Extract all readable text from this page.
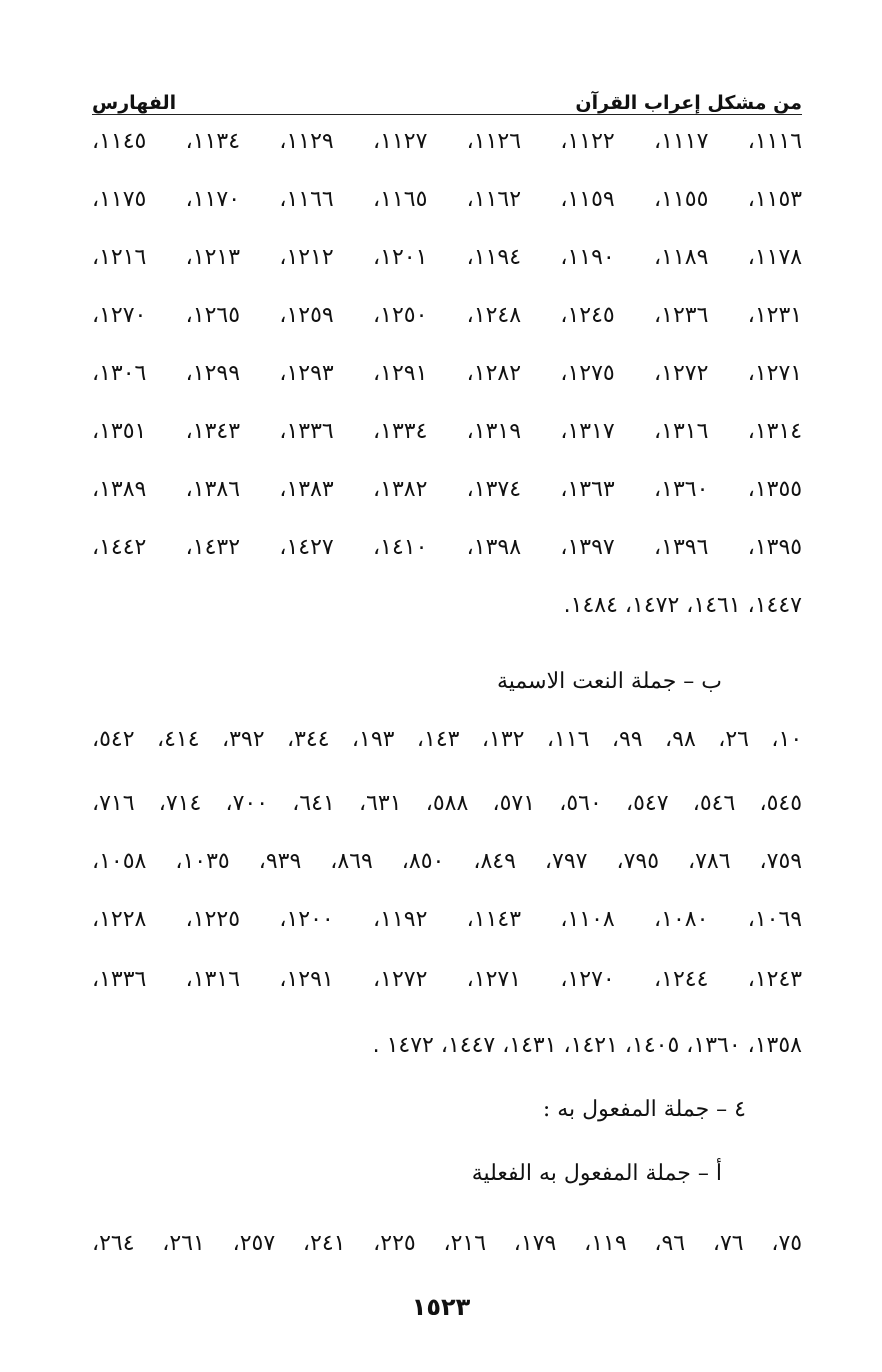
من مشكل إعراب القرآن
الفهارس
١١١٦، ١١١٧، ١١٢٢، ١١٢٦، ١١٢٧، ١١٢٩، ١١٣٤، ١١٤٥،
١١٥٣، ١١٥٥، ١١٥٩، ١١٦٢، ١١٦٥، ١١٦٦، ١١٧٠، ١١٧٥،
١١٧٨، ١١٨٩، ١١٩٠، ١١٩٤، ١٢٠١، ١٢١٢، ١٢١٣، ١٢١٦،
١٢٣١، ١٢٣٦، ١٢٤٥، ١٢٤٨، ١٢٥٠، ١٢٥٩، ١٢٦٥، ١٢٧٠،
١٢٧١، ١٢٧٢، ١٢٧٥، ١٢٨٢، ١٢٩١، ١٢٩٣، ١٢٩٩، ١٣٠٦،
١٣١٤، ١٣١٦، ١٣١٧، ١٣١٩، ١٣٣٤، ١٣٣٦، ١٣٤٣، ١٣٥١،
١٣٥٥، ١٣٦٠، ١٣٦٣، ١٣٧٤، ١٣٨٢، ١٣٨٣، ١٣٨٦، ١٣٨٩،
١٣٩٥، ١٣٩٦، ١٣٩٧، ١٣٩٨، ١٤١٠، ١٤٢٧، ١٤٣٢، ١٤٤٢،
١٤٤٧، ١٤٦١، ١٤٧٢، ١٤٨٤.
ب – جملة النعت الاسمية
١٠، ٢٦، ٩٨، ٩٩، ١١٦، ١٣٢، ١٤٣، ١٩٣، ٣٤٤، ٣٩٢، ٤١٤، ٥٤٢،
٥٤٥، ٥٤٦، ٥٤٧، ٥٦٠، ٥٧١، ٥٨٨، ٦٣١، ٦٤١، ٧٠٠، ٧١٤، ٧١٦،
٧٥٩، ٧٨٦، ٧٩٥، ٧٩٧، ٨٤٩، ٨٥٠، ٨٦٩، ٩٣٩، ١٠٣٥، ١٠٥٨،
١٠٦٩، ١٠٨٠، ١١٠٨، ١١٤٣، ١١٩٢، ١٢٠٠، ١٢٢٥، ١٢٢٨،
١٢٤٣، ١٢٤٤، ١٢٧٠، ١٢٧١، ١٢٧٢، ١٢٩١، ١٣١٦، ١٣٣٦،
١٣٥٨، ١٣٦٠، ١٤٠٥، ١٤٢١، ١٤٣١، ١٤٤٧، ١٤٧٢ .
٤ – جملة المفعول به :
أ – جملة المفعول به الفعلية
٧٥، ٧٦، ٩٦، ١١٩، ١٧٩، ٢١٦، ٢٢٥، ٢٤١، ٢٥٧، ٢٦١، ٢٦٤،
١٥٢٣
